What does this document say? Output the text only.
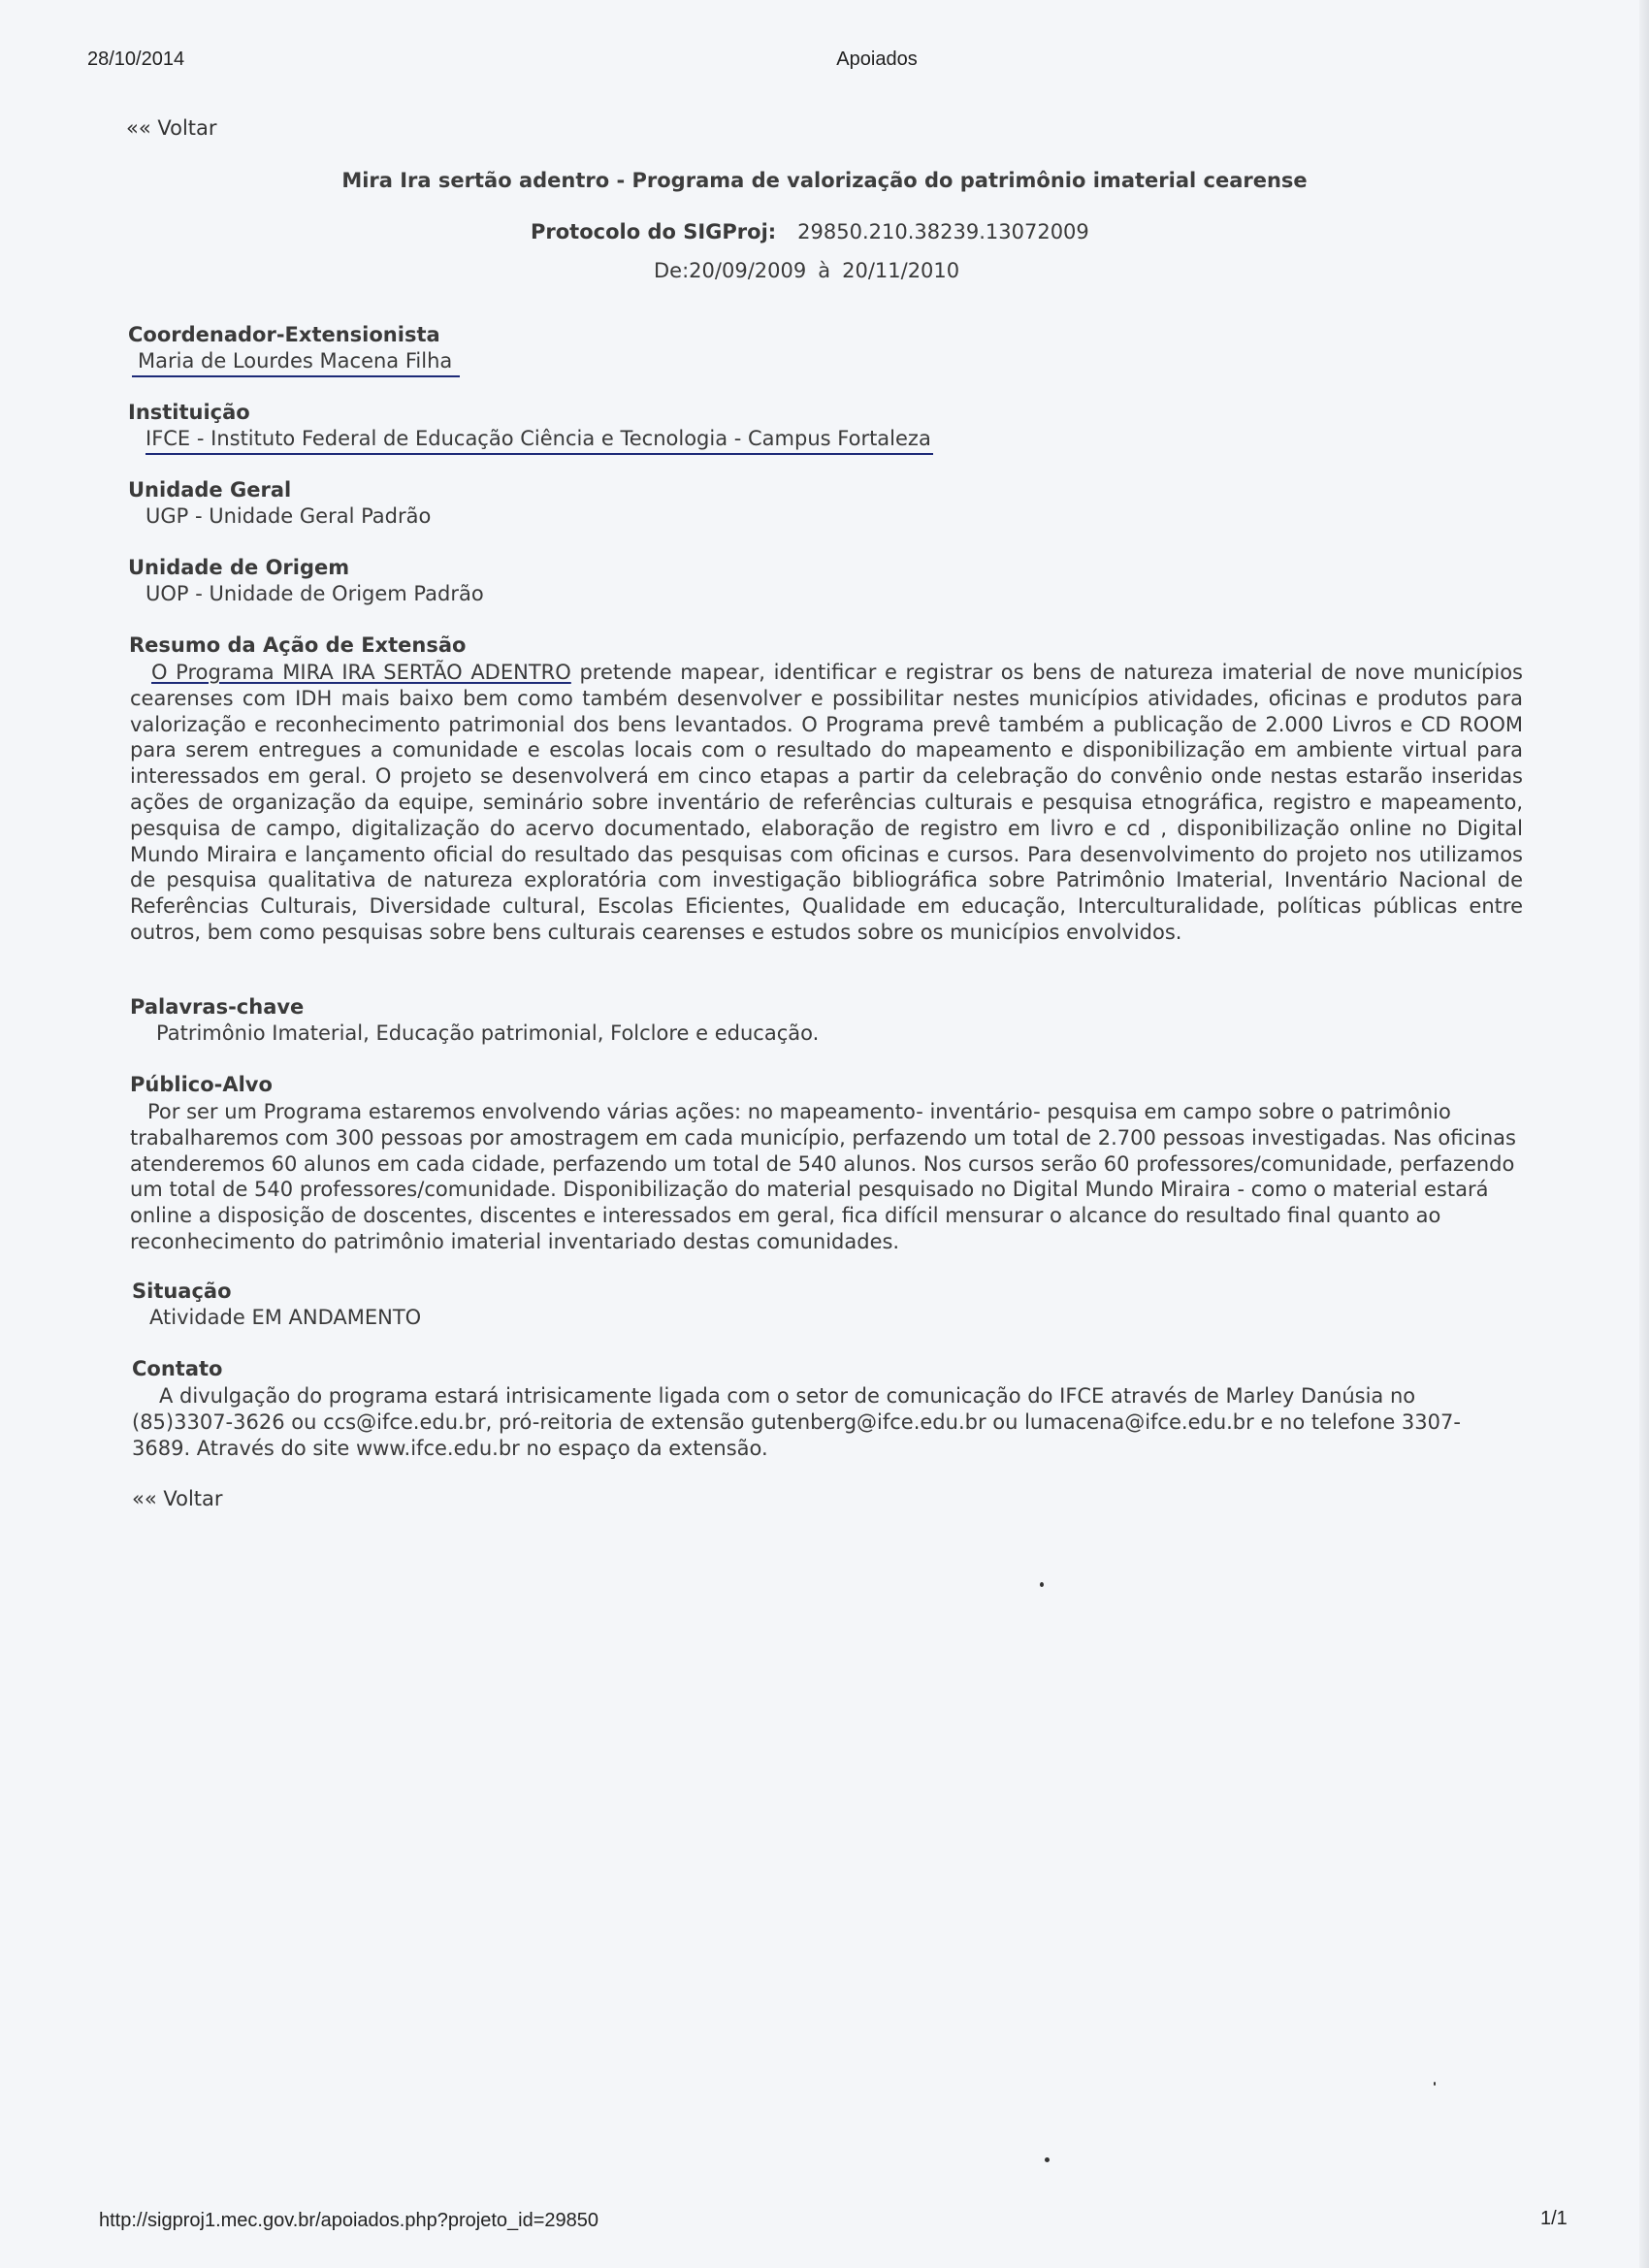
28/10/2014	Apoiados
«« Voltar
Mira Ira sertão adentro - Programa de valorização do patrimônio imaterial cearense
Protocolo do SIGProj: 29850.210.38239.13072009
De:20/09/2009 à 20/11/2010
Coordenador-Extensionista
Maria de Lourdes Macena Filha
Instituição
IFCE - Instituto Federal de Educação Ciência e Tecnologia - Campus Fortaleza
Unidade Geral
UGP - Unidade Geral Padrão
Unidade de Origem
UOP - Unidade de Origem Padrão
Resumo da Ação de Extensão
O Programa MIRA IRA SERTÃO ADENTRO pretende mapear, identificar e registrar os bens de natureza imaterial de nove municípios cearenses com IDH mais baixo bem como também desenvolver e possibilitar nestes municípios atividades, oficinas e produtos para valorização e reconhecimento patrimonial dos bens levantados. O Programa prevê também a publicação de 2.000 Livros e CD ROOM para serem entregues a comunidade e escolas locais com o resultado do mapeamento e disponibilização em ambiente virtual para interessados em geral. O projeto se desenvolverá em cinco etapas a partir da celebração do convênio onde nestas estarão inseridas ações de organização da equipe, seminário sobre inventário de referências culturais e pesquisa etnográfica, registro e mapeamento, pesquisa de campo, digitalização do acervo documentado, elaboração de registro em livro e cd , disponibilização online no Digital Mundo Miraira e lançamento oficial do resultado das pesquisas com oficinas e cursos. Para desenvolvimento do projeto nos utilizamos de pesquisa qualitativa de natureza exploratória com investigação bibliográfica sobre Patrimônio Imaterial, Inventário Nacional de Referências Culturais, Diversidade cultural, Escolas Eficientes, Qualidade em educação, Interculturalidade, políticas públicas entre outros, bem como pesquisas sobre bens culturais cearenses e estudos sobre os municípios envolvidos.
Palavras-chave
Patrimônio Imaterial, Educação patrimonial, Folclore e educação.
Público-Alvo
Por ser um Programa estaremos envolvendo várias ações: no mapeamento- inventário- pesquisa em campo sobre o patrimônio trabalharemos com 300 pessoas por amostragem em cada município, perfazendo um total de 2.700 pessoas investigadas. Nas oficinas atenderemos 60 alunos em cada cidade, perfazendo um total de 540 alunos. Nos cursos serão 60 professores/comunidade, perfazendo um total de 540 professores/comunidade. Disponibilização do material pesquisado no Digital Mundo Miraira - como o material estará online a disposição de doscentes, discentes e interessados em geral, fica difícil mensurar o alcance do resultado final quanto ao reconhecimento do patrimônio imaterial inventariado destas comunidades.
Situação
Atividade EM ANDAMENTO
Contato
A divulgação do programa estará intrisicamente ligada com o setor de comunicação do IFCE através de Marley Danúsia no (85)3307-3626 ou ccs@ifce.edu.br, pró-reitoria de extensão gutenberg@ifce.edu.br ou lumacena@ifce.edu.br e no telefone 3307-3689. Através do site www.ifce.edu.br no espaço da extensão.
«« Voltar
http://sigproj1.mec.gov.br/apoiados.php?projeto_id=29850	1/1
